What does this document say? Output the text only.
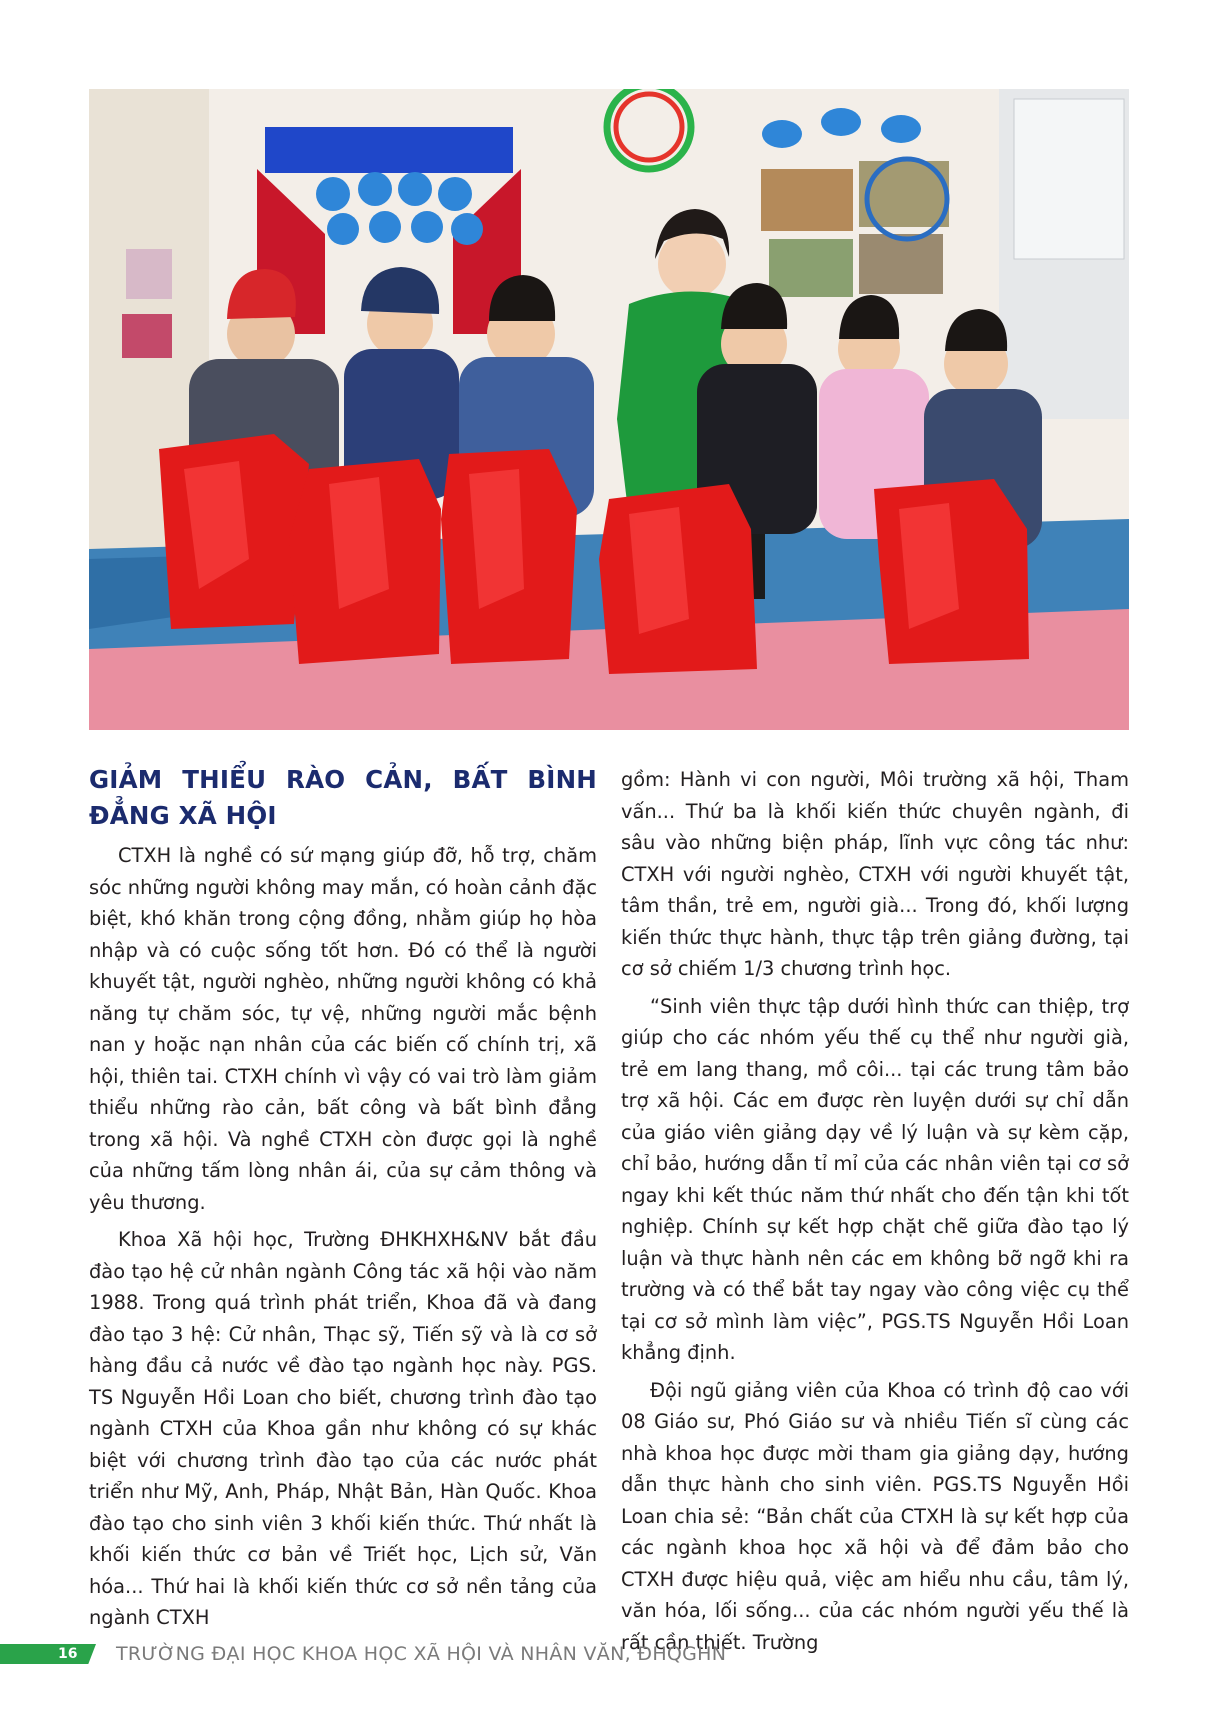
GIẢM THIỂU RÀO CẢN, BẤT BÌNH ĐẲNG XÃ HỘI

CTXH là nghề có sứ mạng giúp đỡ, hỗ trợ, chăm sóc những người không may mắn, có hoàn cảnh đặc biệt, khó khăn trong cộng đồng, nhằm giúp họ hòa nhập và có cuộc sống tốt hơn. Đó có thể là người khuyết tật, người nghèo, những người không có khả năng tự chăm sóc, tự vệ, những người mắc bệnh nan y hoặc nạn nhân của các biến cố chính trị, xã hội, thiên tai. CTXH chính vì vậy có vai trò làm giảm thiểu những rào cản, bất công và bất bình đẳng trong xã hội. Và nghề CTXH còn được gọi là nghề của những tấm lòng nhân ái, của sự cảm thông và yêu thương.

Khoa Xã hội học, Trường ĐHKHXH&NV bắt đầu đào tạo hệ cử nhân ngành Công tác xã hội vào năm 1988. Trong quá trình phát triển, Khoa đã và đang đào tạo 3 hệ: Cử nhân, Thạc sỹ, Tiến sỹ và là cơ sở hàng đầu cả nước về đào tạo ngành học này. PGS. TS Nguyễn Hồi Loan cho biết, chương trình đào tạo ngành CTXH của Khoa gần như không có sự khác biệt với chương trình đào tạo của các nước phát triển như Mỹ, Anh, Pháp, Nhật Bản, Hàn Quốc. Khoa đào tạo cho sinh viên 3 khối kiến thức. Thứ nhất là khối kiến thức cơ bản về Triết học, Lịch sử, Văn hóa... Thứ hai là khối kiến thức cơ sở nền tảng của ngành CTXH

gồm: Hành vi con người, Môi trường xã hội, Tham vấn... Thứ ba là khối kiến thức chuyên ngành, đi sâu vào những biện pháp, lĩnh vực công tác như: CTXH với người nghèo, CTXH với người khuyết tật, tâm thần, trẻ em, người già... Trong đó, khối lượng kiến thức thực hành, thực tập trên giảng đường, tại cơ sở chiếm 1/3 chương trình học.

“Sinh viên thực tập dưới hình thức can thiệp, trợ giúp cho các nhóm yếu thế cụ thể như người già, trẻ em lang thang, mồ côi... tại các trung tâm bảo trợ xã hội. Các em được rèn luyện dưới sự chỉ dẫn của giáo viên giảng dạy về lý luận và sự kèm cặp, chỉ bảo, hướng dẫn tỉ mỉ của các nhân viên tại cơ sở ngay khi kết thúc năm thứ nhất cho đến tận khi tốt nghiệp. Chính sự kết hợp chặt chẽ giữa đào tạo lý luận và thực hành nên các em không bỡ ngỡ khi ra trường và có thể bắt tay ngay vào công việc cụ thể tại cơ sở mình làm việc”, PGS.TS Nguyễn Hồi Loan khẳng định.

Đội ngũ giảng viên của Khoa có trình độ cao với 08 Giáo sư, Phó Giáo sư và nhiều Tiến sĩ cùng các nhà khoa học được mời tham gia giảng dạy, hướng dẫn thực hành cho sinh viên. PGS.TS Nguyễn Hồi Loan chia sẻ: “Bản chất của CTXH là sự kết hợp của các ngành khoa học xã hội và để đảm bảo cho CTXH được hiệu quả, việc am hiểu nhu cầu, tâm lý, văn hóa, lối sống... của các nhóm người yếu thế là rất cần thiết. Trường

16	TRƯỜNG ĐẠI HỌC KHOA HỌC XÃ HỘI VÀ NHÂN VĂN, ĐHQGHN
